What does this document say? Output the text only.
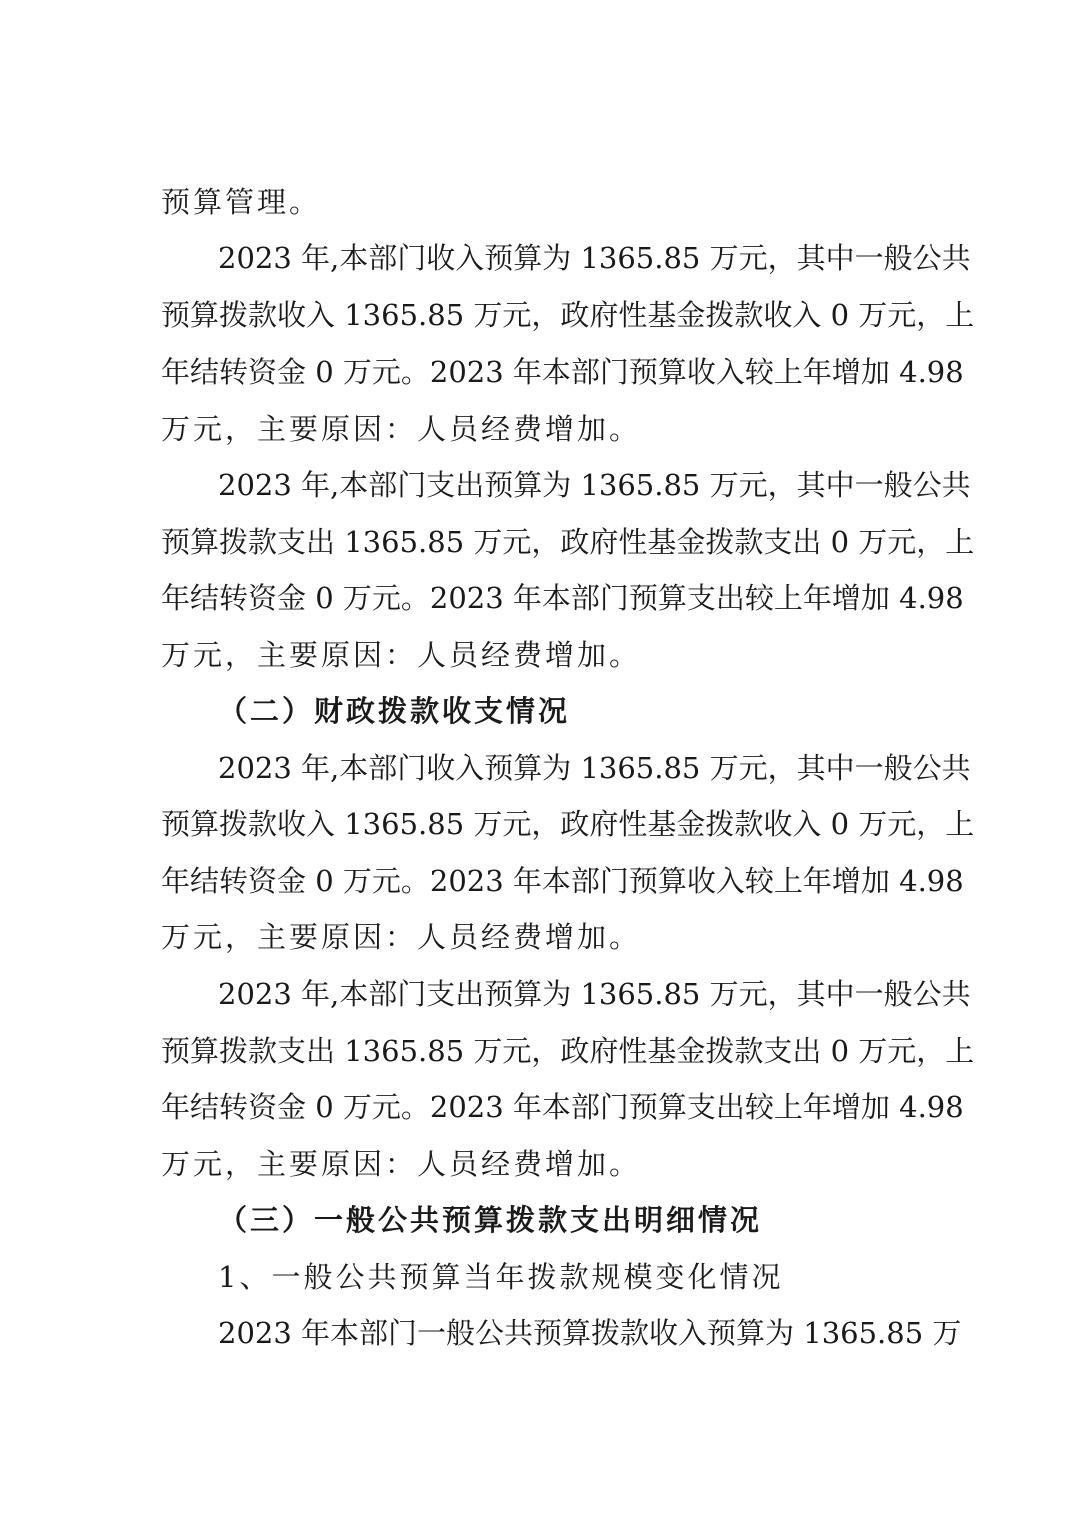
预算管理。
2023 年,本部门收入预算为 1365.85 万元，其中一般公共
预算拨款收入 1365.85 万元，政府性基金拨款收入 0 万元，上
年结转资金 0 万元。2023 年本部门预算收入较上年增加 4.98
万元，主要原因：人员经费增加。
2023 年,本部门支出预算为 1365.85 万元，其中一般公共
预算拨款支出 1365.85 万元，政府性基金拨款支出 0 万元，上
年结转资金 0 万元。2023 年本部门预算支出较上年增加 4.98
万元，主要原因：人员经费增加。
（二）财政拨款收支情况
2023 年,本部门收入预算为 1365.85 万元，其中一般公共
预算拨款收入 1365.85 万元，政府性基金拨款收入 0 万元，上
年结转资金 0 万元。2023 年本部门预算收入较上年增加 4.98
万元，主要原因：人员经费增加。
2023 年,本部门支出预算为 1365.85 万元，其中一般公共
预算拨款支出 1365.85 万元，政府性基金拨款支出 0 万元，上
年结转资金 0 万元。2023 年本部门预算支出较上年增加 4.98
万元，主要原因：人员经费增加。
（三）一般公共预算拨款支出明细情况
1、一般公共预算当年拨款规模变化情况
2023 年本部门一般公共预算拨款收入预算为 1365.85 万
